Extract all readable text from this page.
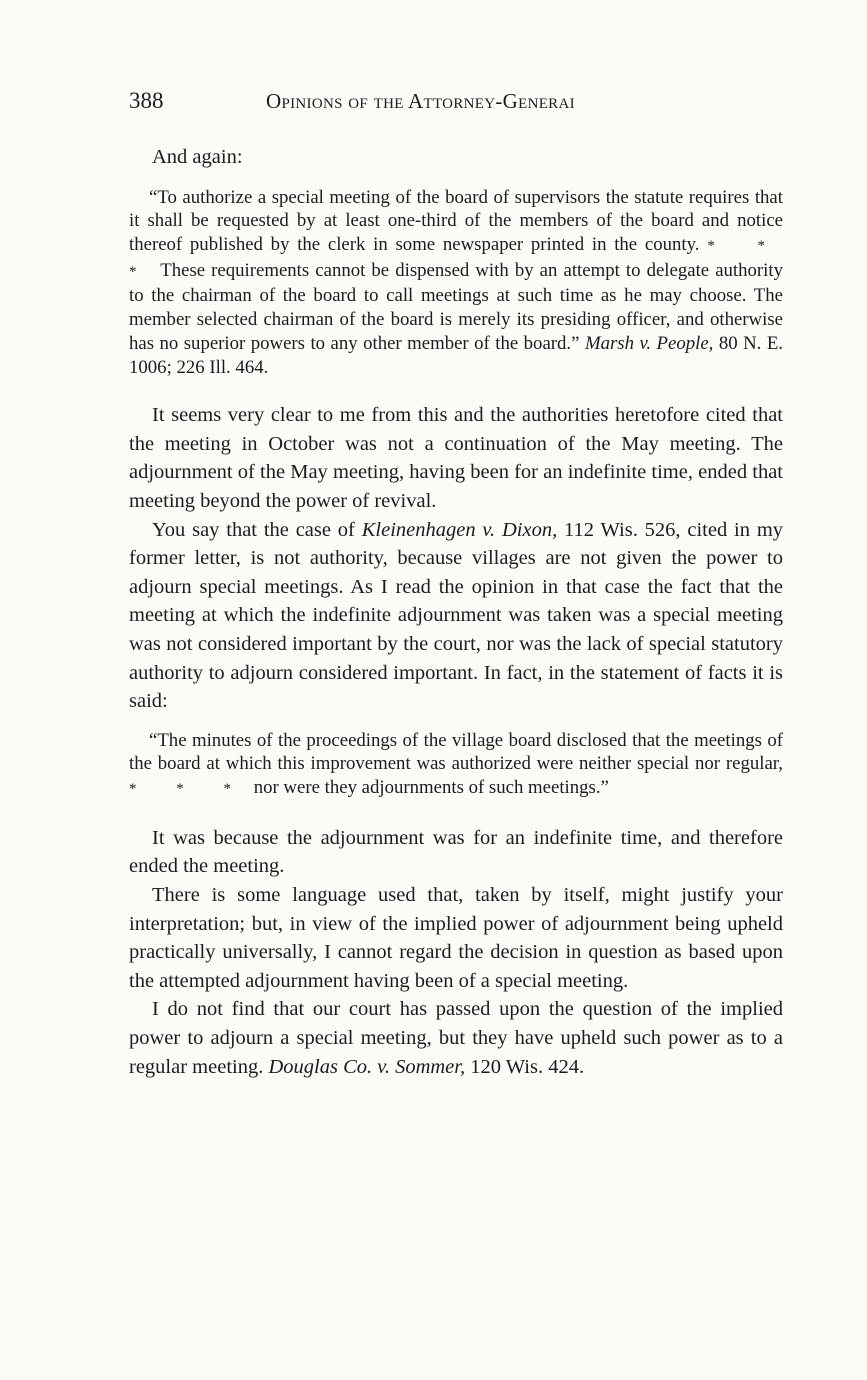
388	Opinions of the Attorney-Generai

And again:

“To authorize a special meeting of the board of supervisors the statute requires that it shall be requested by at least one-third of the members of the board and notice thereof published by the clerk in some newspaper printed in the county. * * * These requirements cannot be dispensed with by an attempt to delegate authority to the chairman of the board to call meetings at such time as he may choose. The member selected chairman of the board is merely its presiding officer, and otherwise has no superior powers to any other member of the board.” Marsh v. People, 80 N. E. 1006; 226 Ill. 464.

It seems very clear to me from this and the authorities heretofore cited that the meeting in October was not a continuation of the May meeting. The adjournment of the May meeting, having been for an indefinite time, ended that meeting beyond the power of revival.

You say that the case of Kleinenhagen v. Dixon, 112 Wis. 526, cited in my former letter, is not authority, because villages are not given the power to adjourn special meetings. As I read the opinion in that case the fact that the meeting at which the indefinite adjournment was taken was a special meeting was not considered important by the court, nor was the lack of special statutory authority to adjourn considered important. In fact, in the statement of facts it is said:

“The minutes of the proceedings of the village board disclosed that the meetings of the board at which this improvement was authorized were neither special nor regular, * * * nor were they adjournments of such meetings.”

It was because the adjournment was for an indefinite time, and therefore ended the meeting.

There is some language used that, taken by itself, might justify your interpretation; but, in view of the implied power of adjournment being upheld practically universally, I cannot regard the decision in question as based upon the attempted adjournment having been of a special meeting.

I do not find that our court has passed upon the question of the implied power to adjourn a special meeting, but they have upheld such power as to a regular meeting. Douglas Co. v. Sommer, 120 Wis. 424.
